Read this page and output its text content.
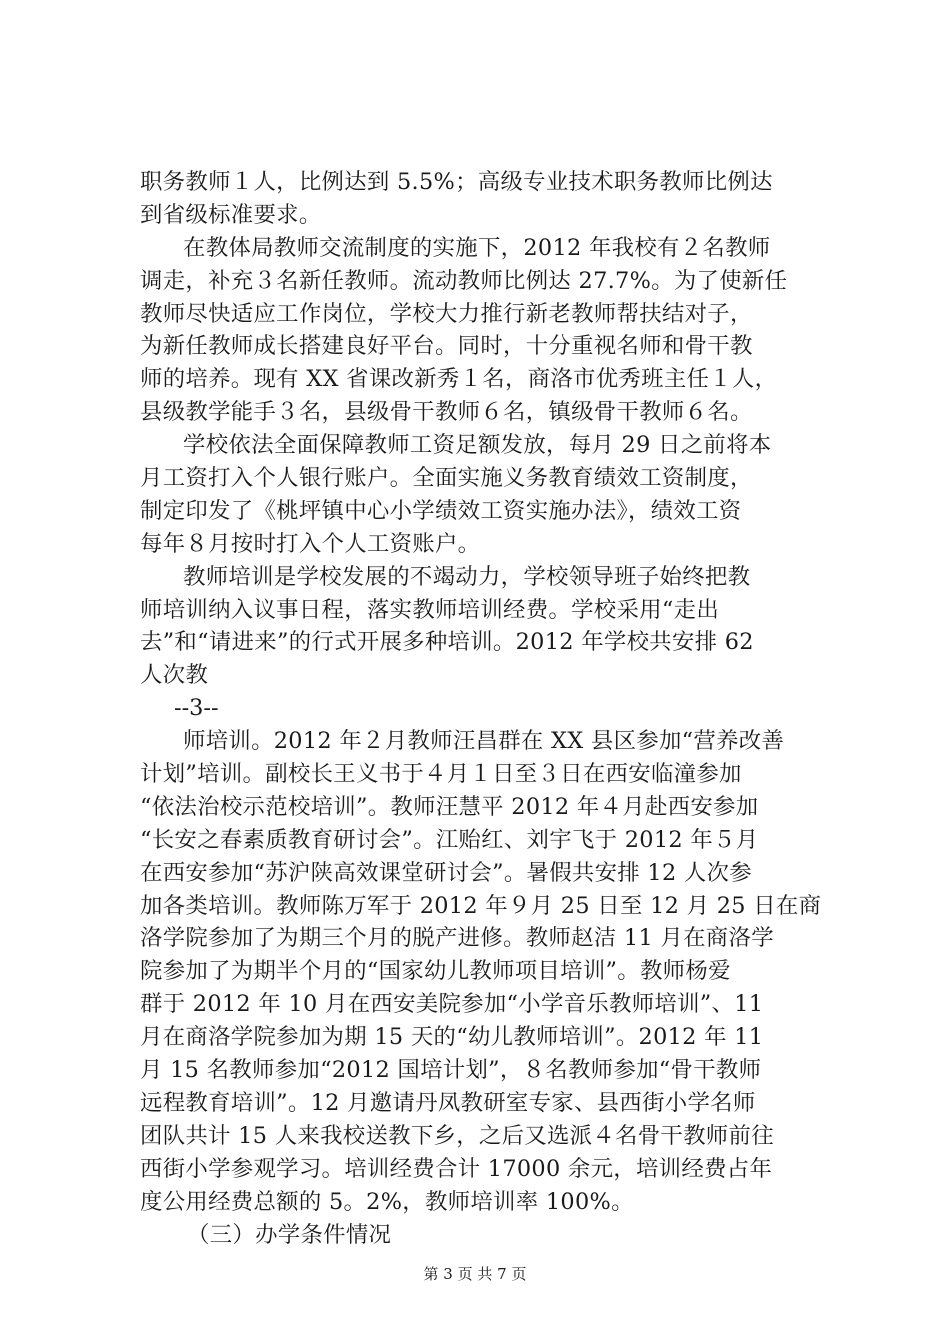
职务教师１人，比例达到 5.5%；高级专业技术职务教师比例达
到省级标准要求。
在教体局教师交流制度的实施下，2012 年我校有２名教师
调走，补充３名新任教师。流动教师比例达 27.7%。为了使新任
教师尽快适应工作岗位，学校大力推行新老教师帮扶结对子，
为新任教师成长搭建良好平台。同时，十分重视名师和骨干教
师的培养。现有 XX 省课改新秀１名，商洛市优秀班主任１人，
县级教学能手３名，县级骨干教师６名，镇级骨干教师６名。
学校依法全面保障教师工资足额发放，每月 29 日之前将本
月工资打入个人银行账户。全面实施义务教育绩效工资制度，
制定印发了《桃坪镇中心小学绩效工资实施办法》，绩效工资
每年８月按时打入个人工资账户。
教师培训是学校发展的不竭动力，学校领导班子始终把教
师培训纳入议事日程，落实教师培训经费。学校采用“走出
去”和“请进来”的行式开展多种培训。2012 年学校共安排 62
人次教
--3--
师培训。2012 年２月教师汪昌群在 XX 县区参加“营养改善
计划”培训。副校长王义书于４月１日至３日在西安临潼参加
“依法治校示范校培训”。教师汪慧平 2012 年４月赴西安参加
“长安之春素质教育研讨会”。江贻红、刘宇飞于 2012 年５月
在西安参加“苏沪陕高效课堂研讨会”。暑假共安排 12 人次参
加各类培训。教师陈万军于 2012 年９月 25 日至 12 月 25 日在商
洛学院参加了为期三个月的脱产进修。教师赵洁 11 月在商洛学
院参加了为期半个月的“国家幼儿教师项目培训”。教师杨爱
群于 2012 年 10 月在西安美院参加“小学音乐教师培训”、11
月在商洛学院参加为期 15 天的“幼儿教师培训”。2012 年 11
月 15 名教师参加“2012 国培计划”，８名教师参加“骨干教师
远程教育培训”。12 月邀请丹凤教研室专家、县西街小学名师
团队共计 15 人来我校送教下乡，之后又选派４名骨干教师前往
西街小学参观学习。培训经费合计 17000 余元，培训经费占年
度公用经费总额的 5。2%，教师培训率 100%。
（三）办学条件情况
第 3 页 共 7 页
